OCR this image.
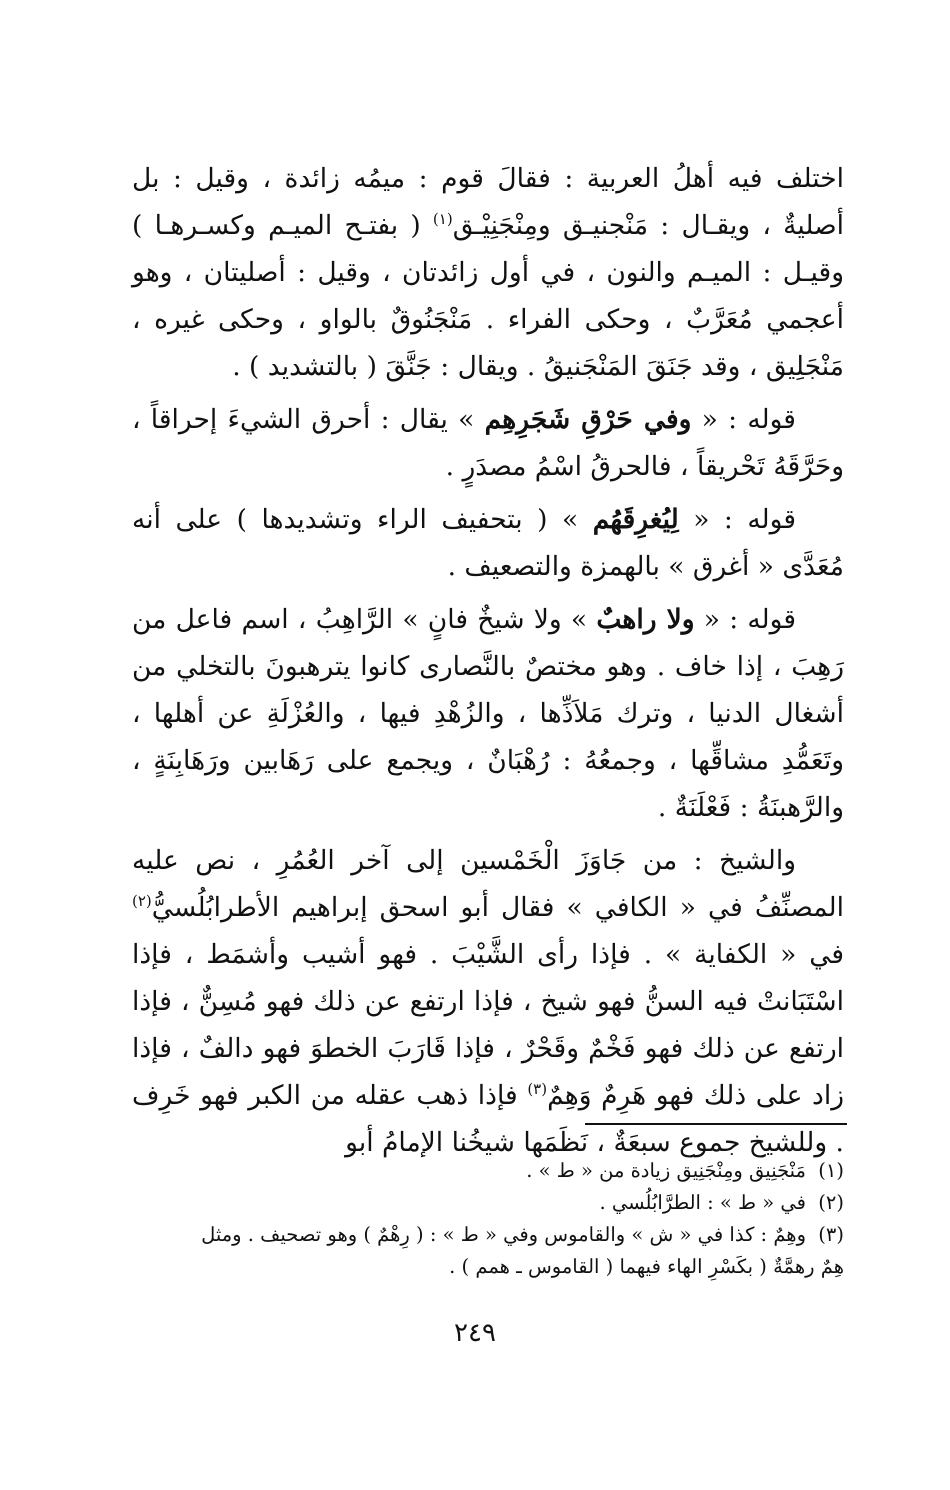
اختلف فيه أهلُ العربية : فقالَ قوم : ميمُه زائدة ، وقيل : بل أصليةٌ ، ويقـال : مَنْجنيـق ومِنْجَنِيْـق$^{(١)}$ ( بفتـح الميـم وكسـرهـا ) وقيـل : الميـم والنون ، في أول زائدتان ، وقيل : أصليتان ، وهو أعجمي مُعَرَّبٌ ، وحكى الفراء . مَنْجَنُوقٌ بالواو ، وحكى غيره ، مَنْجَلِيق ، وقد جَنَقَ المَنْجَنيقُ . ويقال : جَنَّقَ ( بالتشديد ) .

قوله : « وفي حَرْقِ شَجَرِهِم » يقال : أحرق الشيءَ إحراقاً ، وحَرَّقَهُ تَحْريقاً ، فالحرقُ اسْمُ مصدَرٍ .

قوله : « لِيُغرِقَهُم » ( بتحفيف الراء وتشديدها ) على أنه مُعَدَّى « أغرق » بالهمزة والتصعيف .

قوله : « ولا راهبٌ » ولا شيخٌ فانٍ » الرَّاهِبُ ، اسم فاعل من رَهِبَ ، إذا خاف . وهو مختصٌ بالنَّصارى كانوا يترهبونَ بالتخلي من أشغال الدنيا ، وترك مَلاَذِّها ، والزُهْدِ فيها ، والعُزْلَةِ عن أهلها ، وتَعَمُّدِ مشاقِّها ، وجمعُهُ : رُهْبَانٌ ، ويجمع على رَهَابين ورَهَابِنَةٍ ، والرَّهبنَةُ : فَعْلَنَةٌ .

والشيخ : من جَاوَزَ الْخَمْسين إلى آخر العُمُرِ ، نص عليه المصنِّفُ في « الكافي » فقال أبو اسحق إبراهيم الأطرابُلُسيُّ$^{(٢)}$ في « الكفاية » . فإذا رأى الشَّيْبَ . فهو أشيب وأشمَط ، فإذا اسْتَبَانتْ فيه السنُّ فهو شيخ ، فإذا ارتفع عن ذلك فهو مُسِنٌّ ، فإذا ارتفع عن ذلك فهو فَخْمٌ وقَحْرٌ ، فإذا قَارَبَ الخطوَ فهو دالفٌ ، فإذا زاد على ذلك فهو هَرِمٌ وَهِمٌ$^{(٣)}$ فإذا ذهب عقله من الكبر فهو خَرِف . وللشيخ جموع سبعَةٌ ، نَظَمَها شيخُنا الإمامُ أبو

(١)مَنْجَنِيق ومِنْجَنِيق زيادة من « ط » .

(٢)في « ط » : الطرَّابُلُسي .

(٣)وهِمٌ : كذا في « ش » والقاموس وفي « ط » : ( رِهْمٌ ) وهو تصحيف . ومثل

هِمٌ رهمَّةٌ ( بكَسْرِ الهاء فيهما ( القاموس ـ همم ) .

٢٤٩
